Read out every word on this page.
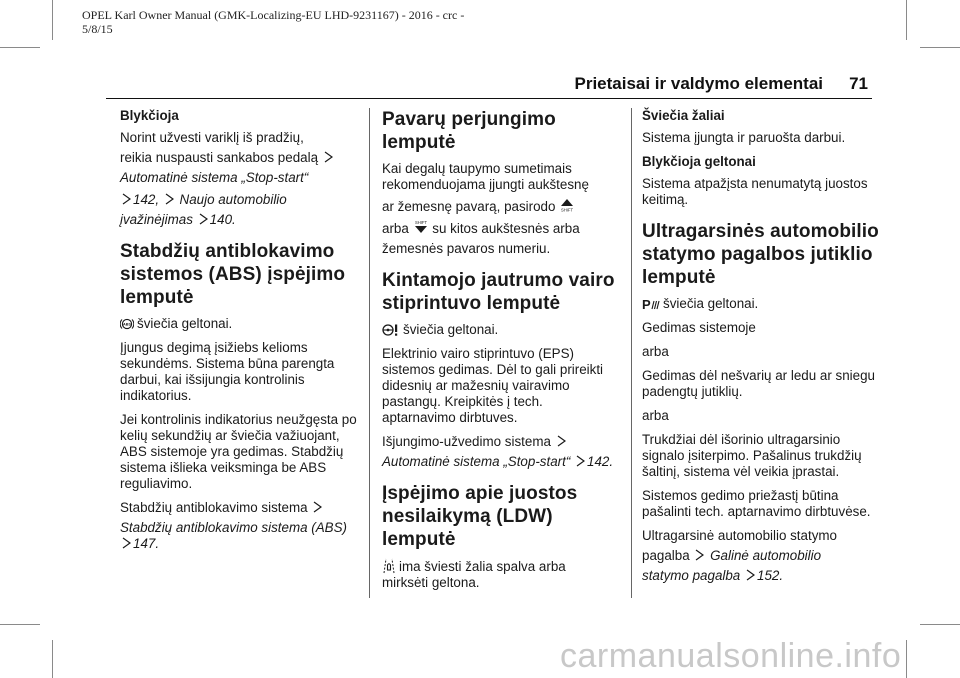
OPEL Karl Owner Manual (GMK-Localizing-EU LHD-9231167) - 2016 - crc -
5/8/15
Prietaisai ir valdymo elementai 71
Blykčioja
Norint užvesti variklį iš pradžių,
reikia nuspausti sankabos pedalą
Automatinė sistema „Stop-start“
142, Naujo automobilio
įvažinėjimas 140.
Stabdžių antiblokavimo
sistemos (ABS) įspėjimo
lemputė
ABS šviečia geltonai.
Įjungus degimą įsižiebs kelioms sekundėms. Sistema būna parengta darbui, kai išsijungia kontrolinis indikatorius.
Jei kontrolinis indikatorius neužgęsta po kelių sekundžių ar šviečia važiuojant, ABS sistemoje yra gedimas. Stabdžių sistema išlieka veiksminga be ABS reguliavimo.
Stabdžių antiblokavimo sistema
Stabdžių antiblokavimo sistema (ABS) 147.
Pavarų perjungimo
lemputė
Kai degalų taupymo sumetimais rekomenduojama įjungti aukštesnę
ar žemesnę pavarą, pasirodo SHIFT
arba SHIFT su kitos aukštesnės arba
žemesnės pavaros numeriu.
Kintamojo jautrumo vairo
stiprintuvo lemputė
šviečia geltonai.
Elektrinio vairo stiprintuvo (EPS) sistemos gedimas. Dėl to gali prireikti didesnių ar mažesnių vairavimo pastangų. Kreipkitės į tech. aptarnavimo dirbtuves.
Išjungimo-užvedimo sistema
Automatinė sistema „Stop-start“ 142.
Įspėjimo apie juostos
nesilaikymą (LDW)
lemputė
ima šviesti žalia spalva arba
mirksėti geltona.
Šviečia žaliai
Sistema įjungta ir paruošta darbui.
Blykčioja geltonai
Sistema atpažįsta nenumatytą juostos keitimą.
Ultragarsinės automobilio
statymo pagalbos jutiklio
lemputė
P šviečia geltonai.
Gedimas sistemoje
arba
Gedimas dėl nešvarių ar ledu ar sniegu padengtų jutiklių.
arba
Trukdžiai dėl išorinio ultragarsinio signalo įsiterpimo. Pašalinus trukdžių šaltinį, sistema vėl veikia įprastai.
Sistemos gedimo priežastį būtina pašalinti tech. aptarnavimo dirbtuvėse.
Ultragarsinė automobilio statymo
pagalba Galinė automobilio
statymo pagalba 152.
carmanualsonline.info
